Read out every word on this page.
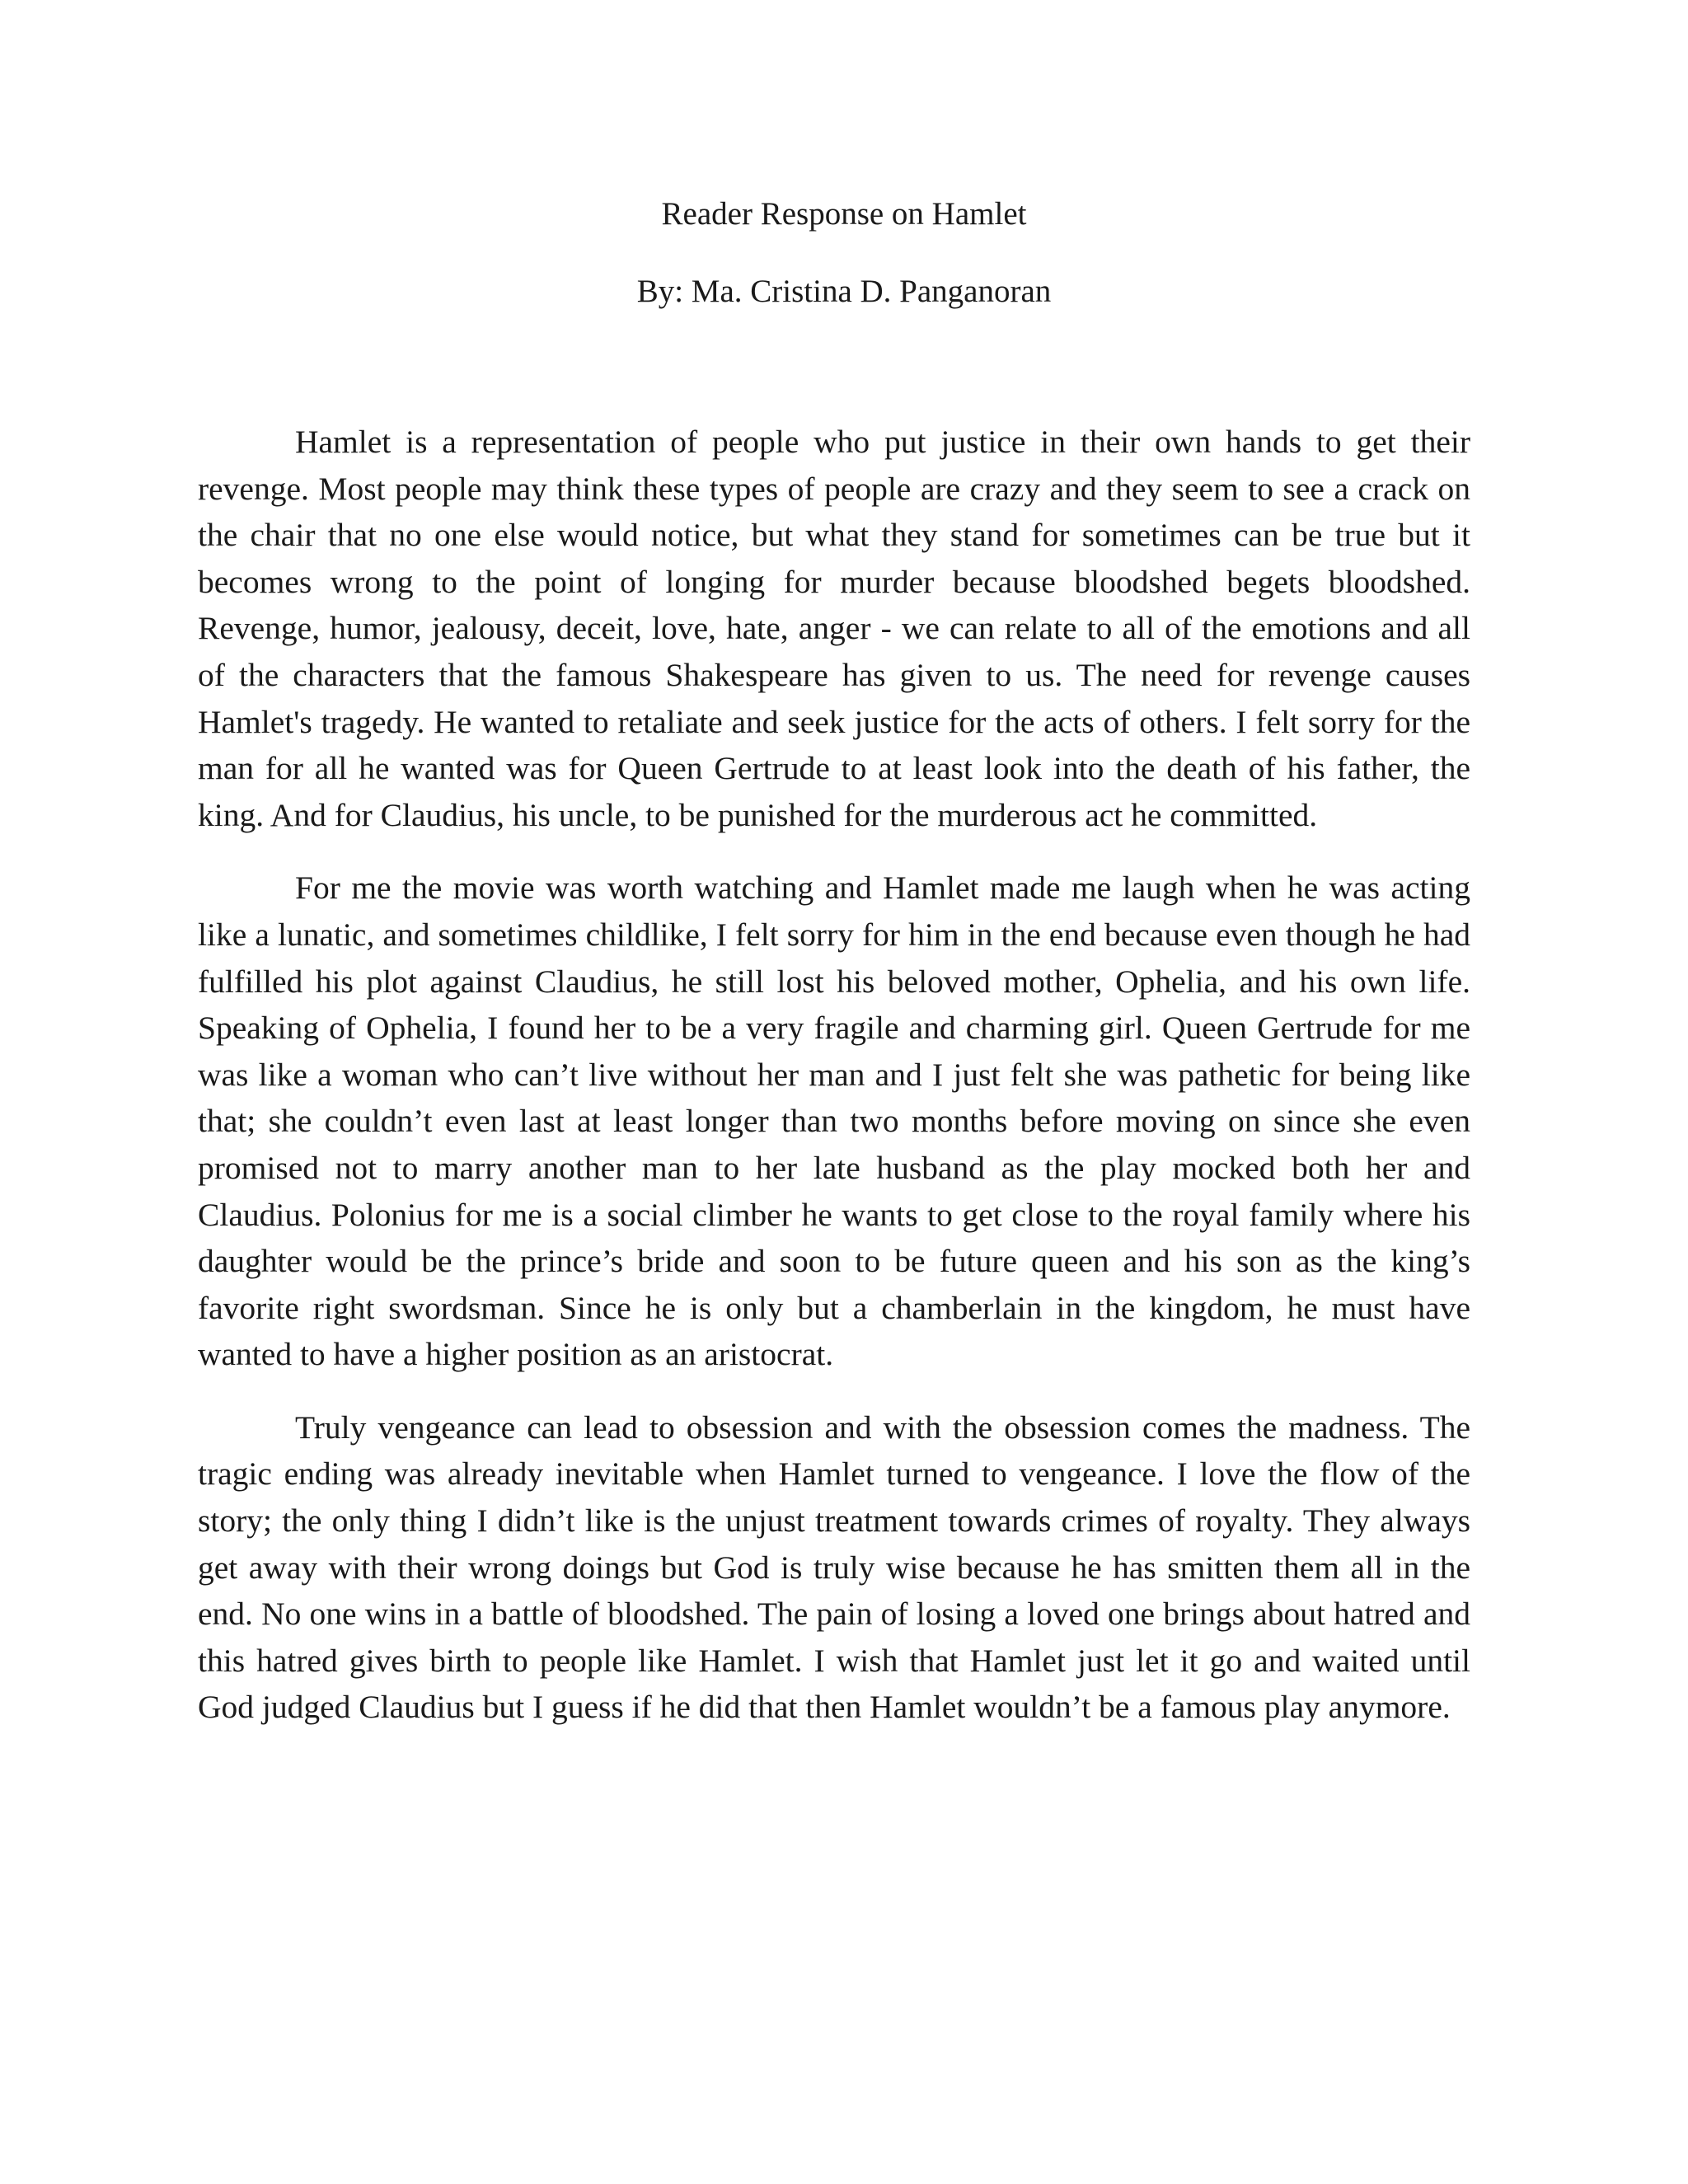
Reader Response on Hamlet

By: Ma. Cristina D. Panganoran

Hamlet is a representation of people who put justice in their own hands to get their revenge. Most people may think these types of people are crazy and they seem to see a crack on the chair that no one else would notice, but what they stand for sometimes can be true but it becomes wrong to the point of longing for murder because bloodshed begets bloodshed. Revenge, humor, jealousy, deceit, love, hate, anger - we can relate to all of the emotions and all of the characters that the famous Shakespeare has given to us. The need for revenge causes Hamlet's tragedy. He wanted to retaliate and seek justice for the acts of others. I felt sorry for the man for all he wanted was for Queen Gertrude to at least look into the death of his father, the king. And for Claudius, his uncle, to be punished for the murderous act he committed.

For me the movie was worth watching and Hamlet made me laugh when he was acting like a lunatic, and sometimes childlike, I felt sorry for him in the end because even though he had fulfilled his plot against Claudius, he still lost his beloved mother, Ophelia, and his own life. Speaking of Ophelia, I found her to be a very fragile and charming girl. Queen Gertrude for me was like a woman who can’t live without her man and I just felt she was pathetic for being like that; she couldn’t even last at least longer than two months before moving on since she even promised not to marry another man to her late husband as the play mocked both her and Claudius. Polonius for me is a social climber he wants to get close to the royal family where his daughter would be the prince’s bride and soon to be future queen and his son as the king’s favorite right swordsman. Since he is only but a chamberlain in the kingdom, he must have wanted to have a higher position as an aristocrat.

Truly vengeance can lead to obsession and with the obsession comes the madness. The tragic ending was already inevitable when Hamlet turned to vengeance. I love the flow of the story; the only thing I didn’t like is the unjust treatment towards crimes of royalty. They always get away with their wrong doings but God is truly wise because he has smitten them all in the end. No one wins in a battle of bloodshed. The pain of losing a loved one brings about hatred and this hatred gives birth to people like Hamlet. I wish that Hamlet just let it go and waited until God judged Claudius but I guess if he did that then Hamlet wouldn’t be a famous play anymore.
